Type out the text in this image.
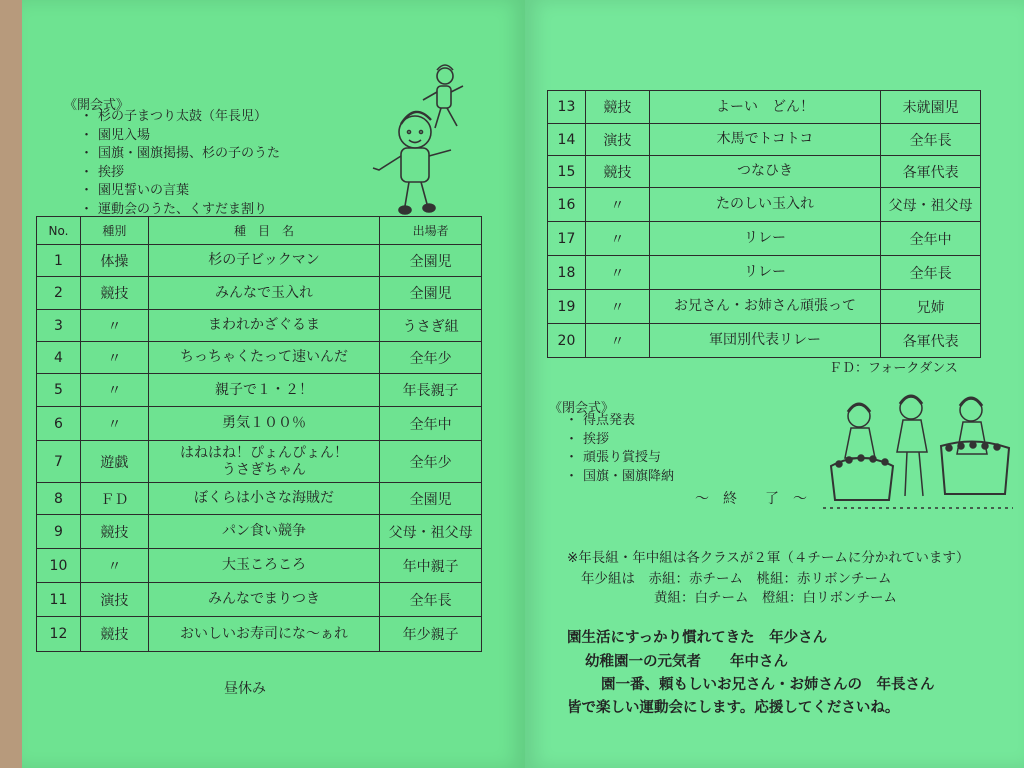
《開会式》
・ 杉の子まつり太鼓（年長児）
・ 園児入場
・ 国旗・園旗掲揚、杉の子のうた
・ 挨拶
・ 園児誓いの言葉
・ 運動会のうた、くすだま割り
No.	種別	種　目　名	出場者
1	体操	杉の子ビックマン	全園児
2	競技	みんなで玉入れ	全園児
3	〃	まわれかざぐるま	うさぎ組
4	〃	ちっちゃくたって速いんだ	全年少
5	〃	親子で１・２！	年長親子
6	〃	勇気１００％	全年中
7	遊戯	はねはね！ぴょんぴょん！
うさぎちゃん	全年少
8	ＦＤ	ぼくらは小さな海賊だ	全園児
9	競技	パン食い競争	父母・祖父母
10	〃	大玉ころころ	年中親子
11	演技	みんなでまりつき	全年長
12	競技	おいしいお寿司にな〜ぁれ	年少親子
昼休み
13	競技	よーい　どん！	未就園児
14	演技	木馬でトコトコ	全年長
15	競技	つなひき	各軍代表
16	〃	たのしい玉入れ	父母・祖父母
17	〃	リレー	全年中
18	〃	リレー	全年長
19	〃	お兄さん・お姉さん頑張って	兄姉
20	〃	軍団別代表リレー	各軍代表
ＦＤ：フォークダンス
《閉会式》
・ 得点発表
・ 挨拶
・ 頑張り賞授与
・ 国旗・園旗降納
〜　終　　了　〜
※年長組・年中組は各クラスが２軍（４チームに分かれています）
年少組は　赤組：赤チーム　桃組：赤リボンチーム
黄組：白チーム　橙組：白リボンチーム
園生活にすっかり慣れてきた　年少さん
幼稚園一の元気者　　年中さん
園一番、頼もしいお兄さん・お姉さんの　年長さん
皆で楽しい運動会にします。応援してくださいね。
